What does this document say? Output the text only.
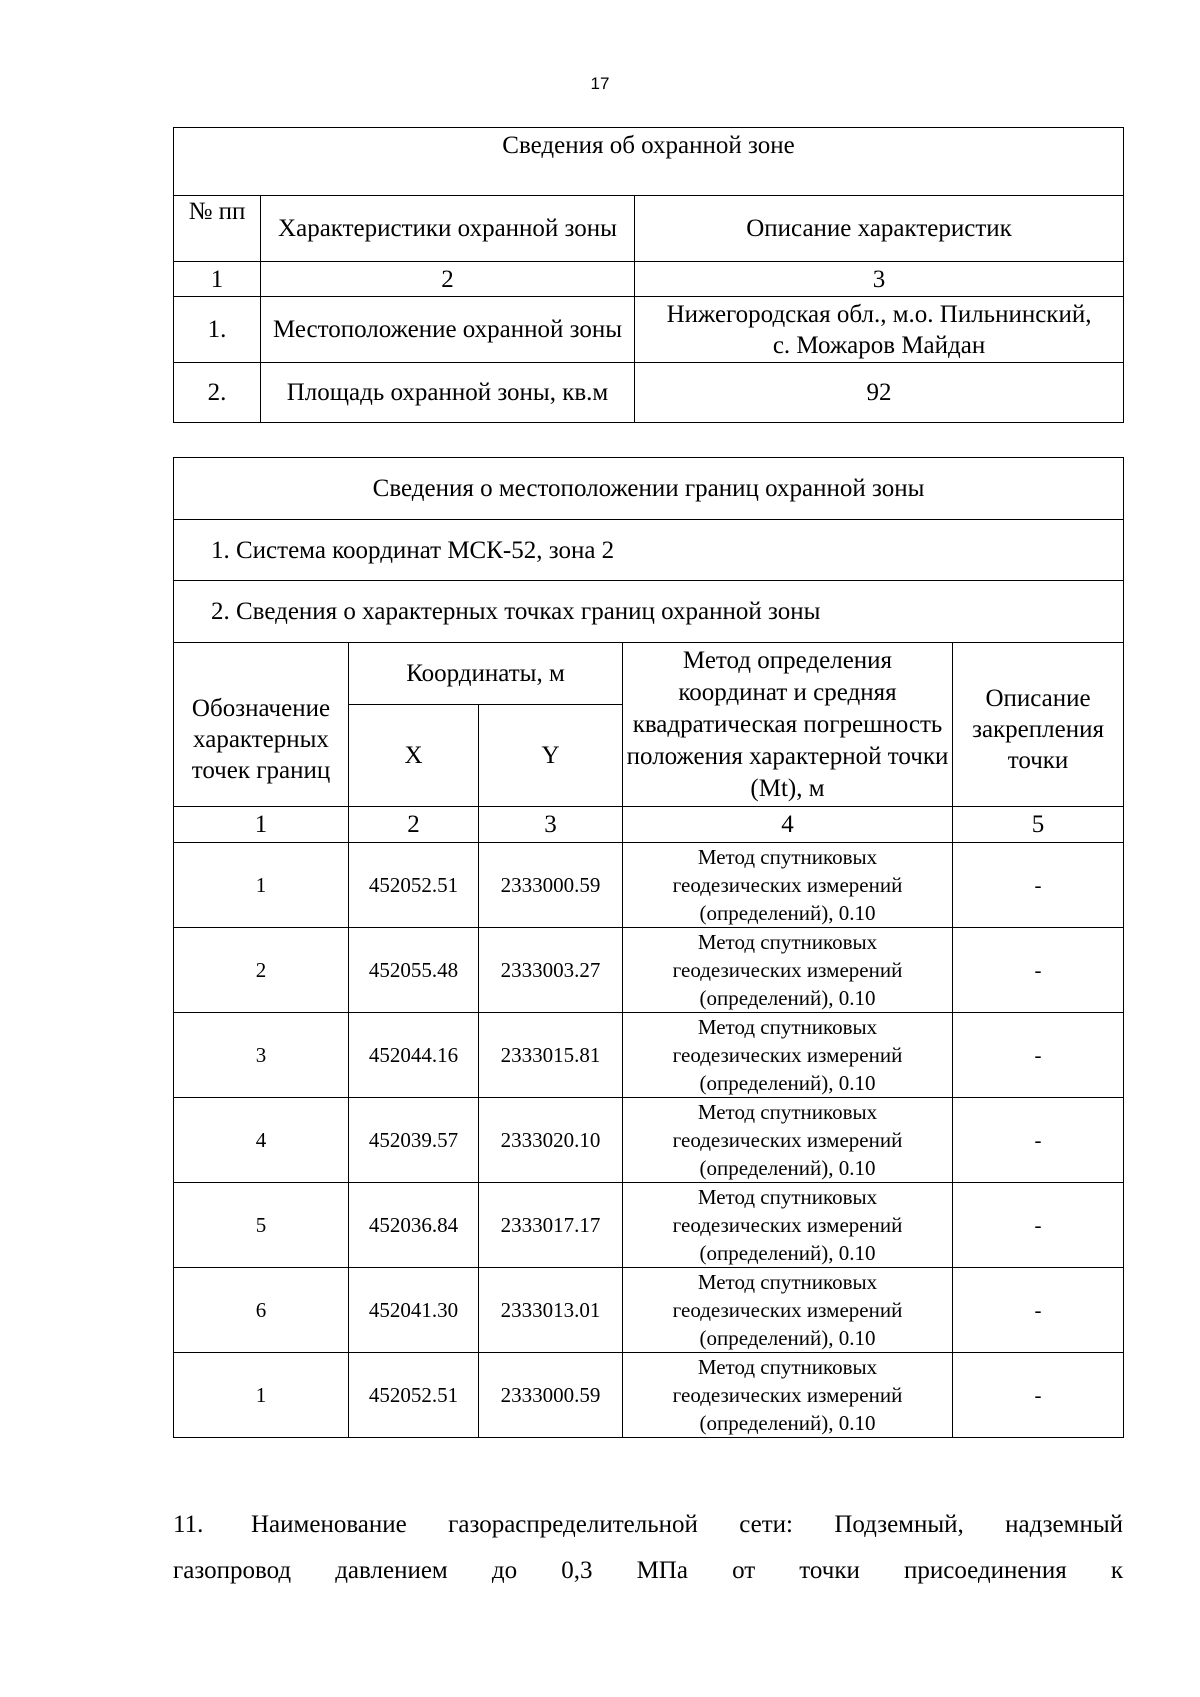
17
Сведения об охранной зоне		
№ пп	Характеристики охранной зоны	Описание характеристик
1	2	3
1.	Местоположение охранной зоны	Нижегородская обл., м.о. Пильнинский,
с. Можаров Майдан

2.	Площадь охранной зоны, кв.м	92
Сведения о местоположении границ охранной зоны				
1. Система координат МСК-52, зона 2				
2. Сведения о характерных точках границ охранной зоны				
Обозначение характерных точек границ	Координаты, м		Метод определения координат и средняя квадратическая погрешность положения характерной точки (Mt), м	Описание закрепления точки
	X	Y		
1	2	3	4	5
1	452052.51	2333000.59	Метод спутниковых геодезических измерений (определений), 0.10	-
2	452055.48	2333003.27	Метод спутниковых геодезических измерений (определений), 0.10	-
3	452044.16	2333015.81	Метод спутниковых геодезических измерений (определений), 0.10	-
4	452039.57	2333020.10	Метод спутниковых геодезических измерений (определений), 0.10	-
5	452036.84	2333017.17	Метод спутниковых геодезических измерений (определений), 0.10	-
6	452041.30	2333013.01	Метод спутниковых геодезических измерений (определений), 0.10	-
1	452052.51	2333000.59	Метод спутниковых геодезических измерений (определений), 0.10	-
11. Наименование газораспределительной сети: Подземный, надземный
газопровод давлением до 0,3 МПа от точки присоединения к
